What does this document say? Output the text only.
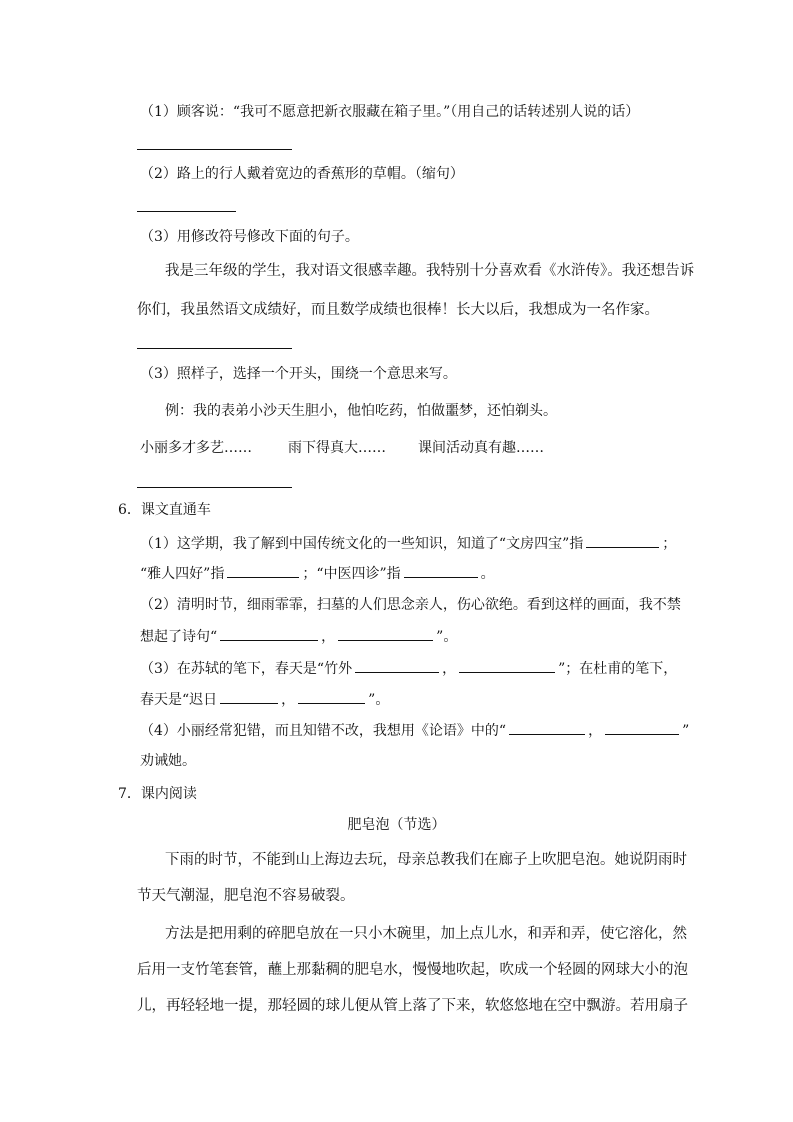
（1）顾客说：“我可不愿意把新衣服藏在箱子里。”（用自己的话转述别人说的话）
（2）路上的行人戴着宽边的香蕉形的草帽。（缩句）
（3）用修改符号修改下面的句子。
我是三年级的学生，我对语文很感幸趣。我特别十分喜欢看《水浒传》。我还想告诉
你们，我虽然语文成绩好，而且数学成绩也很棒！长大以后，我想成为一名作家。
（3）照样子，选择一个开头，围绕一个意思来写。
例：我的表弟小沙天生胆小，他怕吃药，怕做噩梦，还怕剃头。
小丽多才多艺……	雨下得真大…… 课间活动真有趣……
6．课文直通车
（1）这学期，我了解到中国传统文化的一些知识，知道了“文房四宝”指	；
“雅人四好”指	；“中医四诊”指	。
（2）清明时节，细雨霏霏，扫墓的人们思念亲人，伤心欲绝。看到这样的画面，我不禁
想起了诗句“	，	”。
（3）在苏轼的笔下，春天是“竹外	，	”；在杜甫的笔下，
春天是“迟日	，	”。
（4）小丽经常犯错，而且知错不改，我想用《论语》中的“	，	”
劝诫她。
7．课内阅读
肥皂泡（节选）
下雨的时节，不能到山上海边去玩，母亲总教我们在廊子上吹肥皂泡。她说阴雨时
节天气潮湿，肥皂泡不容易破裂。
方法是把用剩的碎肥皂放在一只小木碗里，加上点儿水，和弄和弄，使它溶化，然
后用一支竹笔套管，蘸上那黏稠的肥皂水，慢慢地吹起，吹成一个轻圆的网球大小的泡
儿，再轻轻地一提，那轻圆的球儿便从管上落了下来，软悠悠地在空中飘游。若用扇子
